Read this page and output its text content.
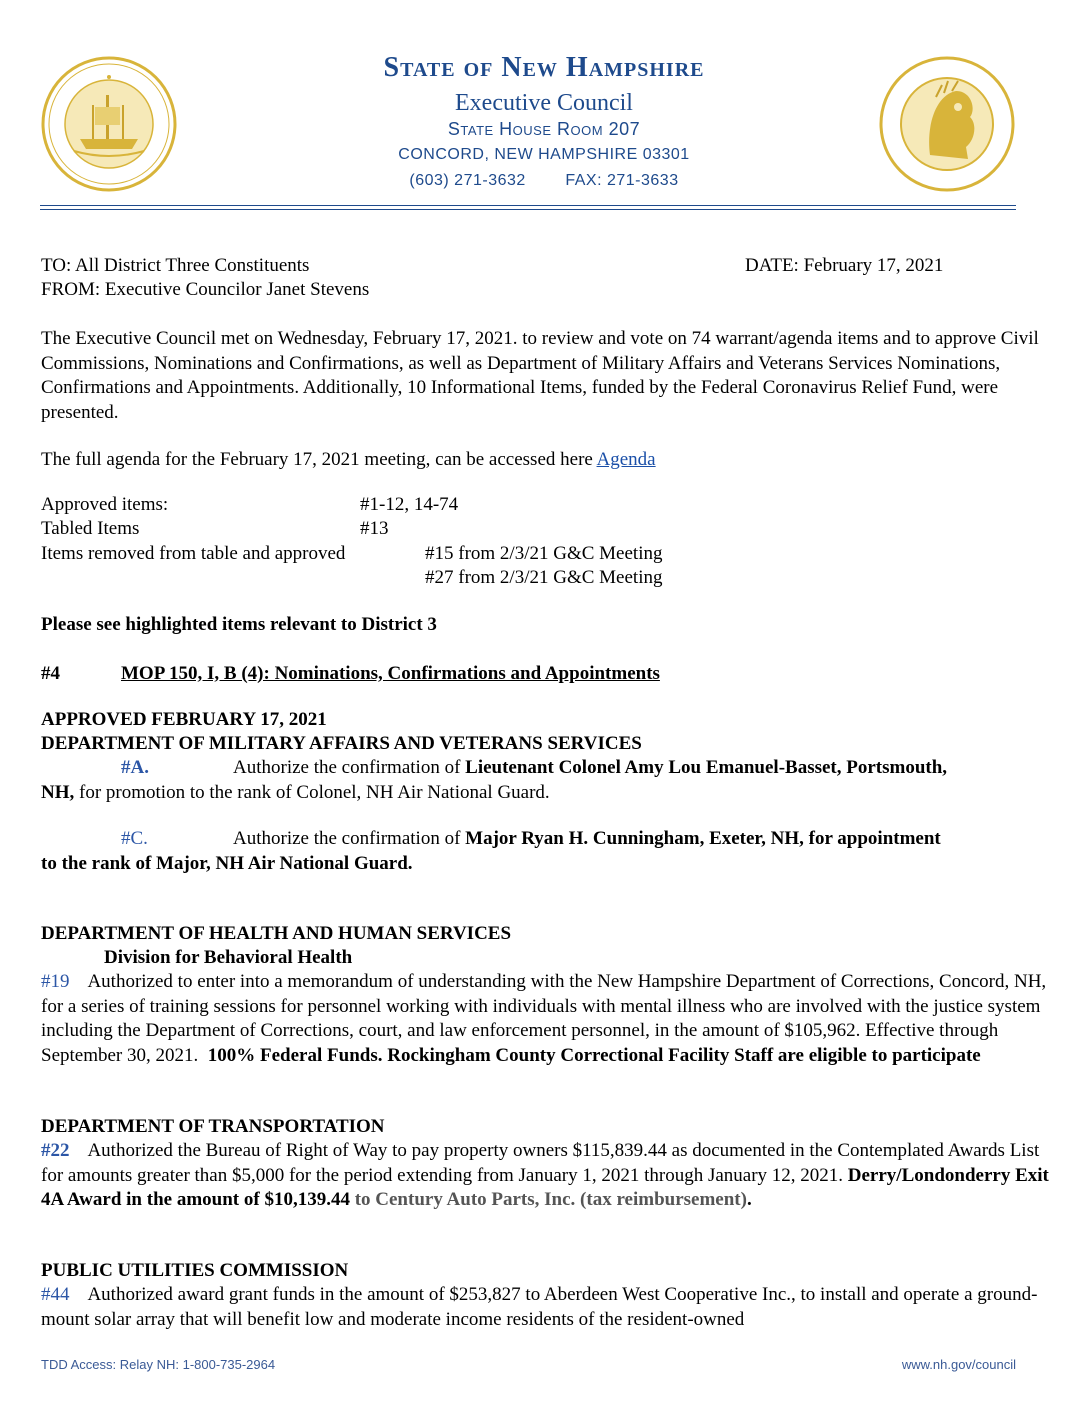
State of New Hampshire
Executive Council
State House Room 207
CONCORD, NEW HAMPSHIRE 03301
(603) 271-3632 FAX: 271-3633
TO: All District Three Constituents	DATE: February 17, 2021
FROM: Executive Councilor Janet Stevens
The Executive Council met on Wednesday, February 17, 2021. to review and vote on 74 warrant/agenda items and to approve Civil Commissions, Nominations and Confirmations, as well as Department of Military Affairs and Veterans Services Nominations, Confirmations and Appointments. Additionally, 10 Informational Items, funded by the Federal Coronavirus Relief Fund, were presented.
The full agenda for the February 17, 2021 meeting, can be accessed here Agenda
Approved items:	#1-12, 14-74
Tabled Items	#13
Items removed from table and approved	#15 from 2/3/21 G&C Meeting
#27 from 2/3/21 G&C Meeting
Please see highlighted items relevant to District 3
#4	MOP 150, I, B (4): Nominations, Confirmations and Appointments
APPROVED FEBRUARY 17, 2021
DEPARTMENT OF MILITARY AFFAIRS AND VETERANS SERVICES
#A.	Authorize the confirmation of Lieutenant Colonel Amy Lou Emanuel-Basset, Portsmouth,
NH, for promotion to the rank of Colonel, NH Air National Guard.
#C.	Authorize the confirmation of Major Ryan H. Cunningham, Exeter, NH, for appointment
to the rank of Major, NH Air National Guard.
DEPARTMENT OF HEALTH AND HUMAN SERVICES
Division for Behavioral Health
#19 Authorized to enter into a memorandum of understanding with the New Hampshire Department of Corrections, Concord, NH, for a series of training sessions for personnel working with individuals with mental illness who are involved with the justice system including the Department of Corrections, court, and law enforcement personnel, in the amount of $105,962. Effective through September 30, 2021. 100% Federal Funds. Rockingham County Correctional Facility Staff are eligible to participate
DEPARTMENT OF TRANSPORTATION
#22 Authorized the Bureau of Right of Way to pay property owners $115,839.44 as documented in the Contemplated Awards List for amounts greater than $5,000 for the period extending from January 1, 2021 through January 12, 2021. Derry/Londonderry Exit 4A Award in the amount of $10,139.44 to Century Auto Parts, Inc. (tax reimbursement).
PUBLIC UTILITIES COMMISSION
#44 Authorized award grant funds in the amount of $253,827 to Aberdeen West Cooperative Inc., to install and operate a ground-mount solar array that will benefit low and moderate income residents of the resident-owned
TDD Access: Relay NH: 1-800-735-2964	www.nh.gov/council
